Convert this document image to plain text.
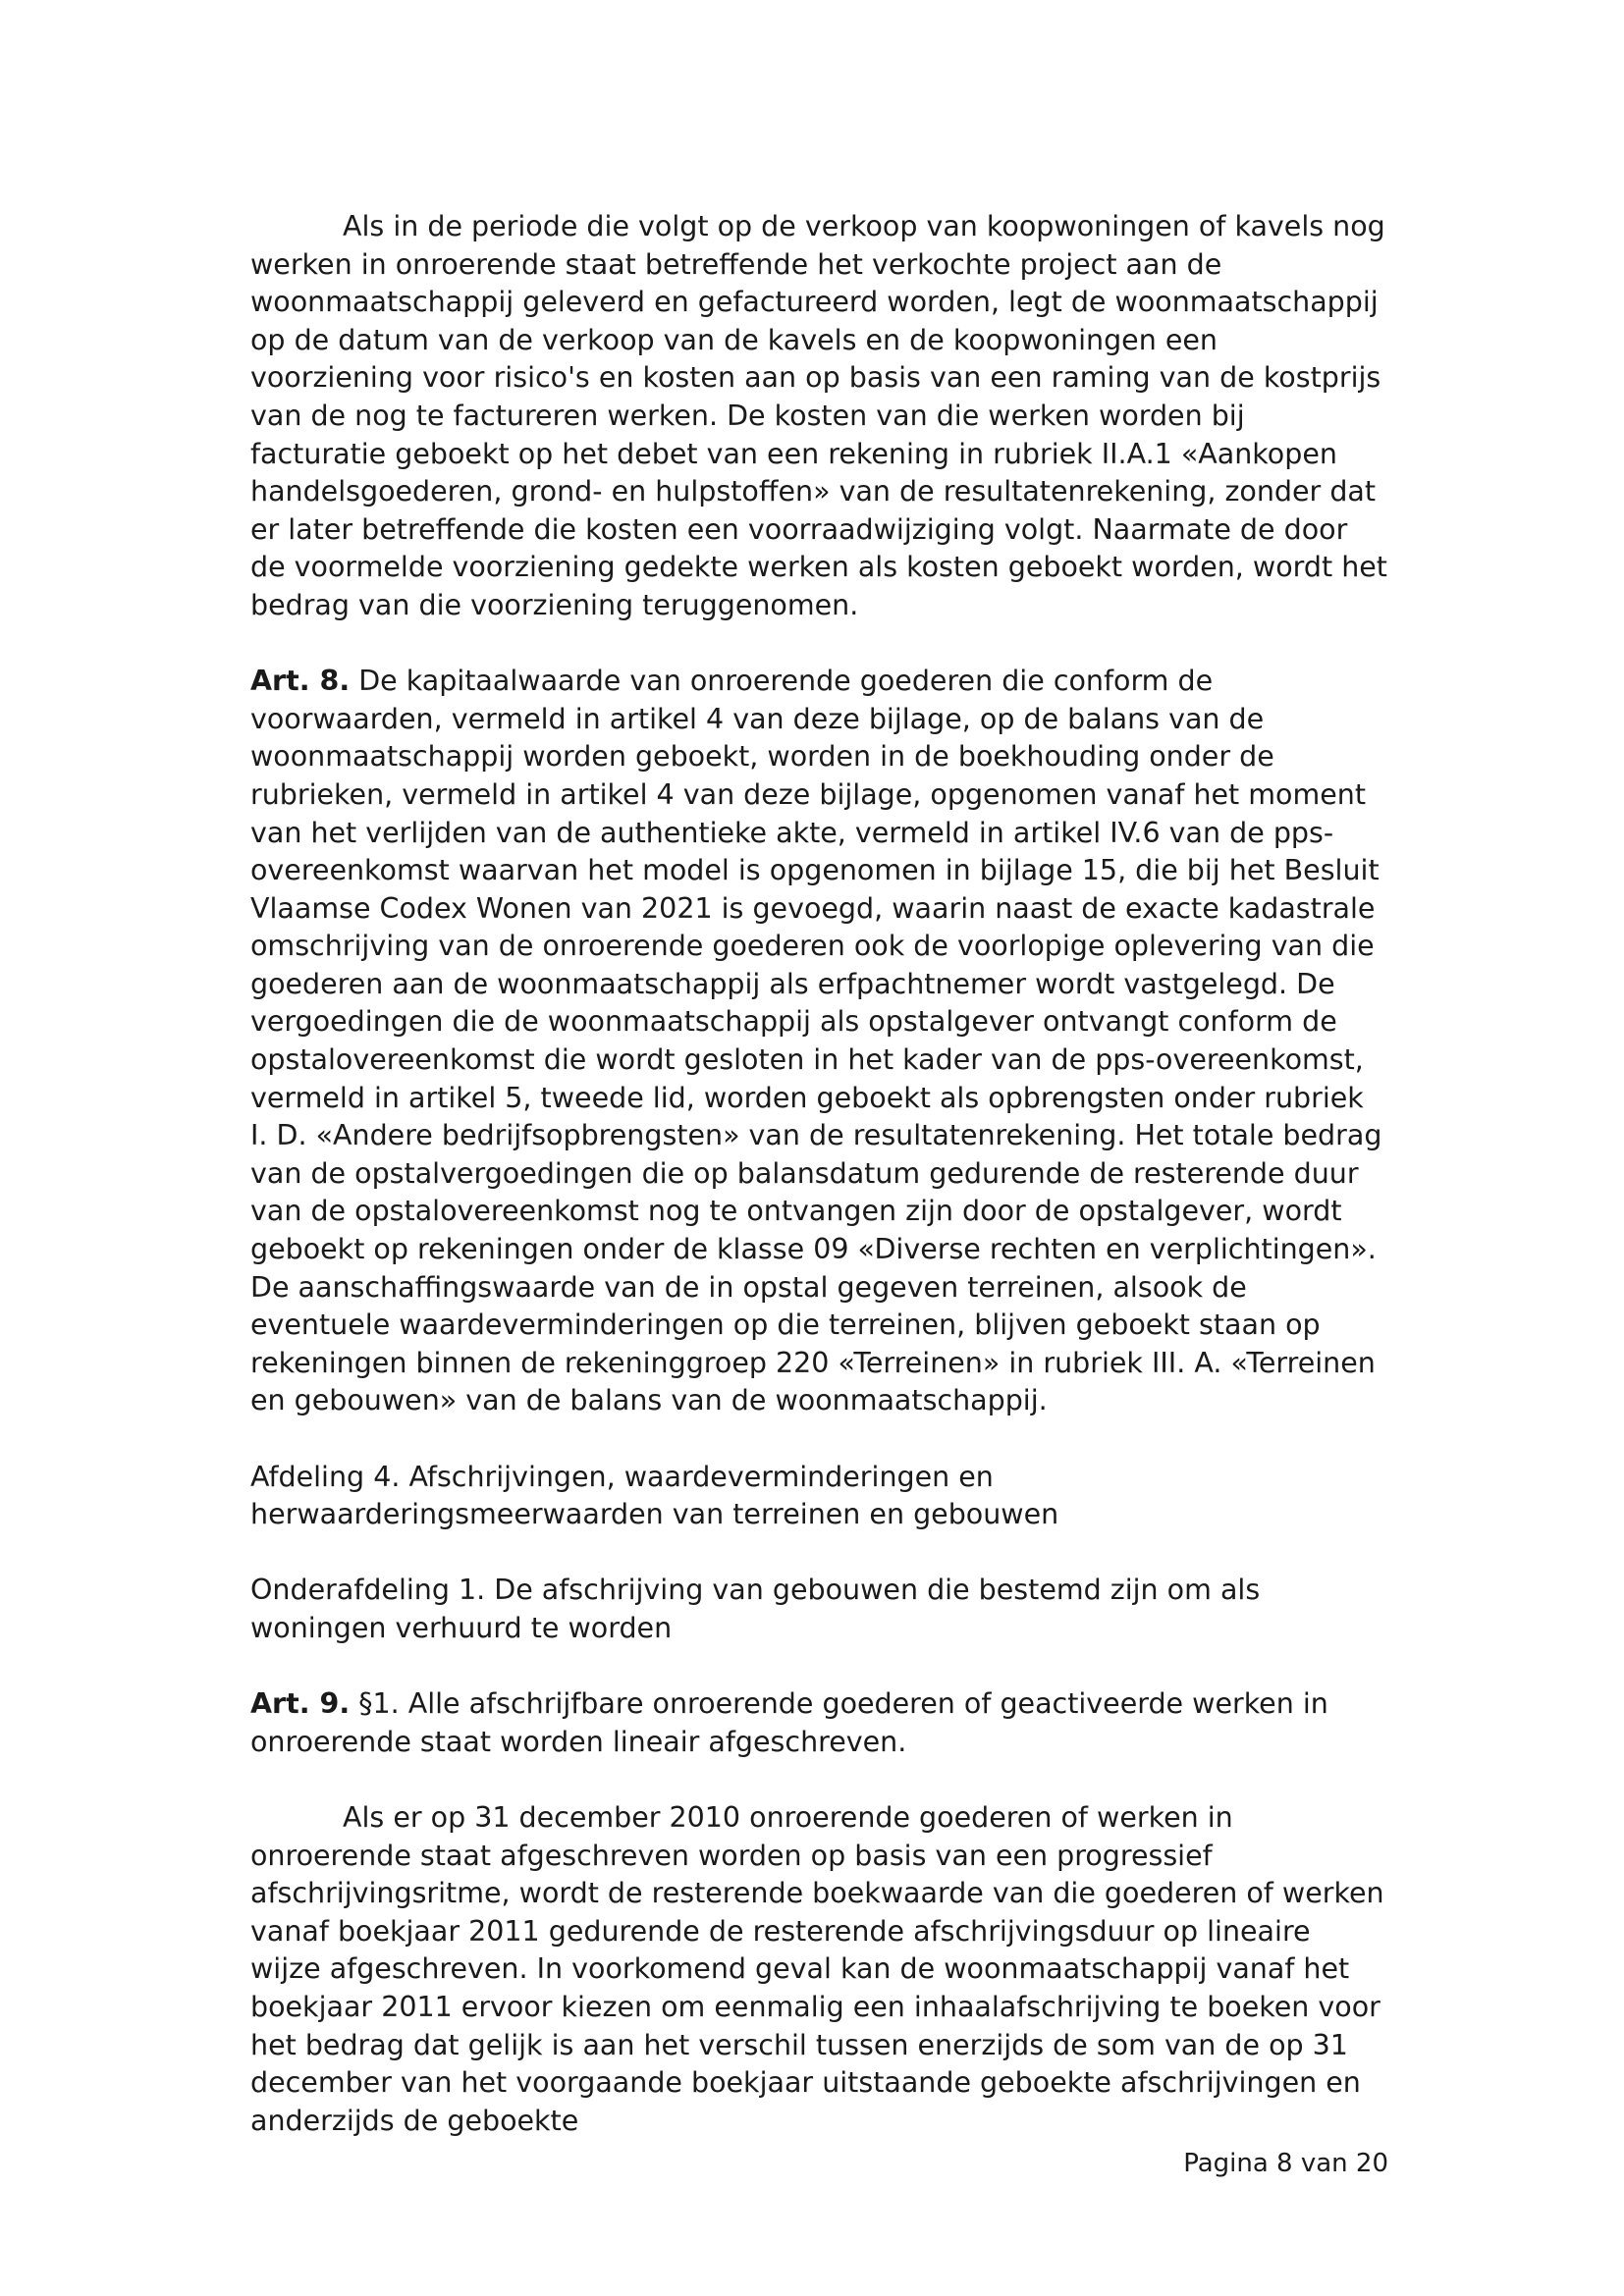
Als in de periode die volgt op de verkoop van koopwoningen of kavels nog werken in onroerende staat betreffende het verkochte project aan de woonmaatschappij geleverd en gefactureerd worden, legt de woonmaatschappij op de datum van de verkoop van de kavels en de koopwoningen een voorziening voor risico's en kosten aan op basis van een raming van de kostprijs van de nog te factureren werken. De kosten van die werken worden bij facturatie geboekt op het debet van een rekening in rubriek II.A.1 «Aankopen handelsgoederen, grond- en hulpstoffen» van de resultatenrekening, zonder dat er later betreffende die kosten een voorraadwijziging volgt. Naarmate de door de voormelde voorziening gedekte werken als kosten geboekt worden, wordt het bedrag van die voorziening teruggenomen.

Art. 8. De kapitaalwaarde van onroerende goederen die conform de voorwaarden, vermeld in artikel 4 van deze bijlage, op de balans van de woonmaatschappij worden geboekt, worden in de boekhouding onder de rubrieken, vermeld in artikel 4 van deze bijlage, opgenomen vanaf het moment van het verlijden van de authentieke akte, vermeld in artikel IV.6 van de pps-overeenkomst waarvan het model is opgenomen in bijlage 15, die bij het Besluit Vlaamse Codex Wonen van 2021 is gevoegd, waarin naast de exacte kadastrale omschrijving van de onroerende goederen ook de voorlopige oplevering van die goederen aan de woonmaatschappij als erfpachtnemer wordt vastgelegd. De vergoedingen die de woonmaatschappij als opstalgever ontvangt conform de opstalovereenkomst die wordt gesloten in het kader van de pps-overeenkomst, vermeld in artikel 5, tweede lid, worden geboekt als opbrengsten onder rubriek I. D. «Andere bedrijfsopbrengsten» van de resultatenrekening. Het totale bedrag van de opstalvergoedingen die op balansdatum gedurende de resterende duur van de opstalovereenkomst nog te ontvangen zijn door de opstalgever, wordt geboekt op rekeningen onder de klasse 09 «Diverse rechten en verplichtingen». De aanschaffingswaarde van de in opstal gegeven terreinen, alsook de eventuele waardeverminderingen op die terreinen, blijven geboekt staan op rekeningen binnen de rekeninggroep 220 «Terreinen» in rubriek III. A. «Terreinen en gebouwen» van de balans van de woonmaatschappij.

Afdeling 4. Afschrijvingen, waardeverminderingen en herwaarderingsmeerwaarden van terreinen en gebouwen

Onderafdeling 1. De afschrijving van gebouwen die bestemd zijn om als woningen verhuurd te worden

Art. 9. §1. Alle afschrijfbare onroerende goederen of geactiveerde werken in onroerende staat worden lineair afgeschreven.

Als er op 31 december 2010 onroerende goederen of werken in onroerende staat afgeschreven worden op basis van een progressief afschrijvingsritme, wordt de resterende boekwaarde van die goederen of werken vanaf boekjaar 2011 gedurende de resterende afschrijvingsduur op lineaire wijze afgeschreven. In voorkomend geval kan de woonmaatschappij vanaf het boekjaar 2011 ervoor kiezen om eenmalig een inhaalafschrijving te boeken voor het bedrag dat gelijk is aan het verschil tussen enerzijds de som van de op 31 december van het voorgaande boekjaar uitstaande geboekte afschrijvingen en anderzijds de geboekte

Pagina 8 van 20
